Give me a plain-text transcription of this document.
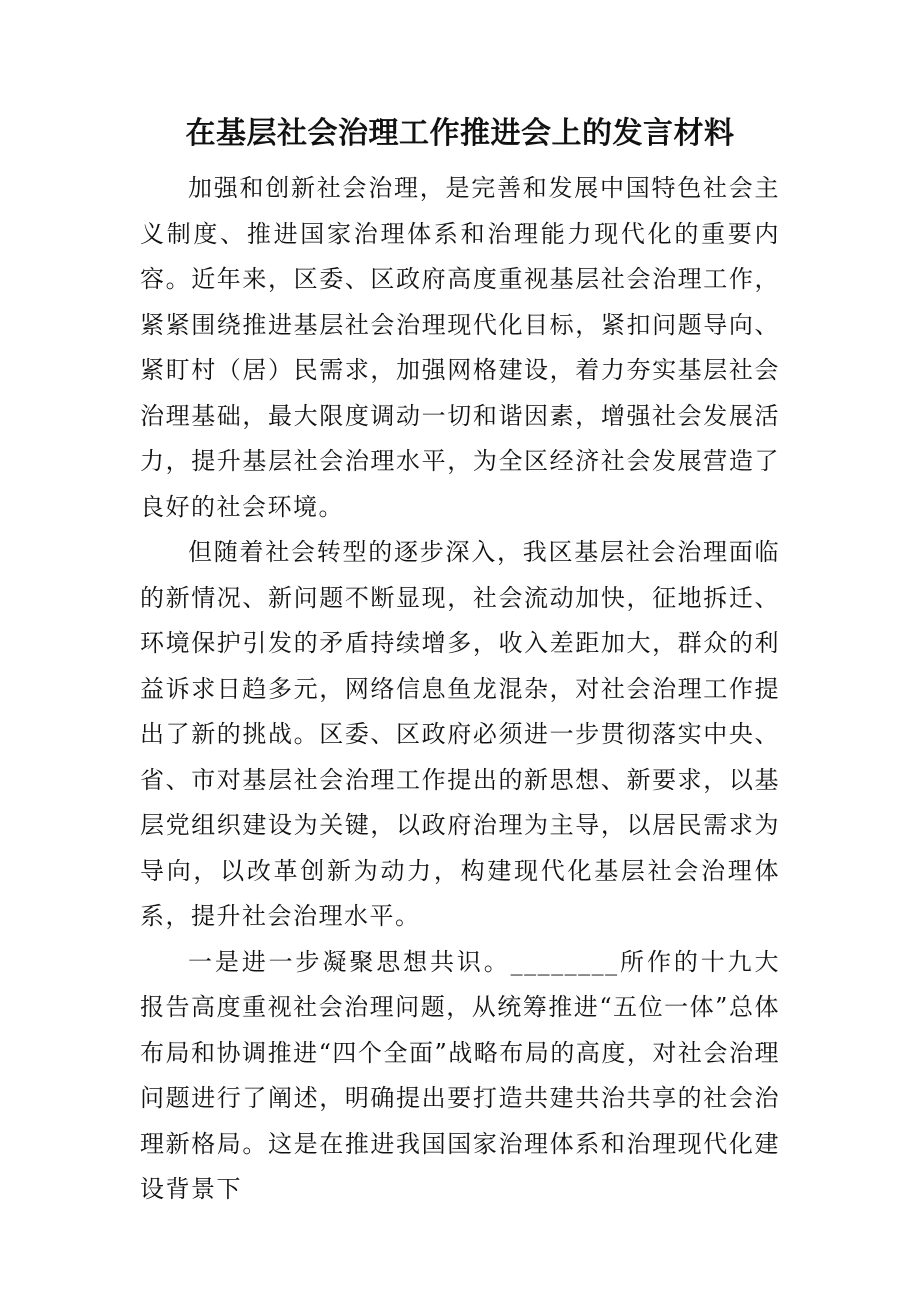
在基层社会治理工作推进会上的发言材料

加强和创新社会治理，是完善和发展中国特色社会主义制度、推进国家治理体系和治理能力现代化的重要内容。近年来，区委、区政府高度重视基层社会治理工作，紧紧围绕推进基层社会治理现代化目标，紧扣问题导向、紧盯村（居）民需求，加强网格建设，着力夯实基层社会治理基础，最大限度调动一切和谐因素，增强社会发展活力，提升基层社会治理水平，为全区经济社会发展营造了良好的社会环境。

但随着社会转型的逐步深入，我区基层社会治理面临的新情况、新问题不断显现，社会流动加快，征地拆迁、环境保护引发的矛盾持续增多，收入差距加大，群众的利益诉求日趋多元，网络信息鱼龙混杂，对社会治理工作提出了新的挑战。区委、区政府必须进一步贯彻落实中央、省、市对基层社会治理工作提出的新思想、新要求，以基层党组织建设为关键，以政府治理为主导，以居民需求为导向，以改革创新为动力，构建现代化基层社会治理体系，提升社会治理水平。

一是进一步凝聚思想共识。________所作的十九大报告高度重视社会治理问题，从统筹推进“五位一体”总体布局和协调推进“四个全面”战略布局的高度，对社会治理问题进行了阐述，明确提出要打造共建共治共享的社会治理新格局。这是在推进我国国家治理体系和治理现代化建设背景下
